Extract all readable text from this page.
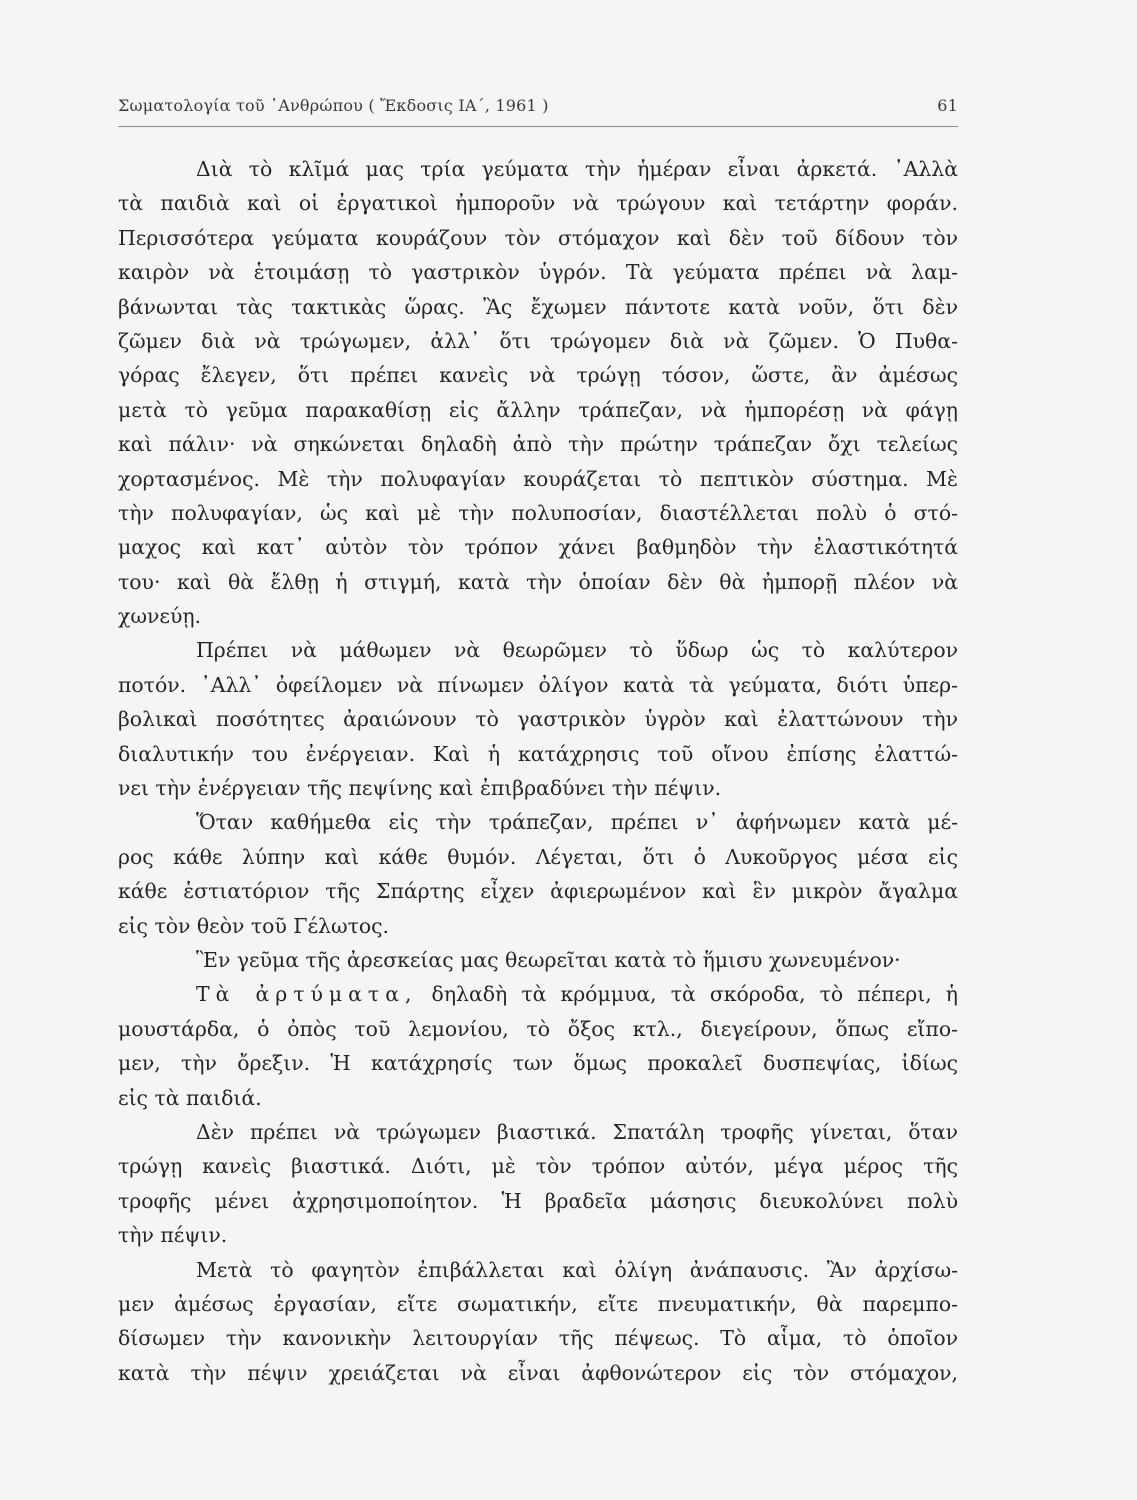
Σωματολογία τοῦ ᾿Ανθρώπου ( Ἔκδοσις ΙΑ΄, 1961 )	61
Διὰ τὸ κλῖμά μας τρία γεύματα τὴν ἡμέραν εἶναι ἀρκετά. ᾿Αλλὰ
τὰ παιδιὰ καὶ οἱ ἐργατικοὶ ἠμποροῦν νὰ τρώγουν καὶ τετάρτην φοράν.
Περισσότερα γεύματα κουράζουν τὸν στόμαχον καὶ δὲν τοῦ δίδουν τὸν
καιρὸν νὰ ἑτοιμάσῃ τὸ γαστρικὸν ὑγρόν. Τὰ γεύματα πρέπει νὰ λαμ-
βάνωνται τὰς τακτικὰς ὥρας. Ἂς ἔχωμεν πάντοτε κατὰ νοῦν, ὅτι δὲν
ζῶμεν διὰ νὰ τρώγωμεν, ἀλλ᾽ ὅτι τρώγομεν διὰ νὰ ζῶμεν. Ὁ Πυθα-
γόρας ἔλεγεν, ὅτι πρέπει κανεὶς νὰ τρώγῃ τόσον, ὥστε, ἂν ἀμέσως
μετὰ τὸ γεῦμα παρακαθίσῃ εἰς ἄλλην τράπεζαν, νὰ ἠμπορέσῃ νὰ φάγῃ
καὶ πάλιν· νὰ σηκώνεται δηλαδὴ ἀπὸ τὴν πρώτην τράπεζαν ὄχι τελείως
χορτασμένος. Μὲ τὴν πολυφαγίαν κουράζεται τὸ πεπτικὸν σύστημα. Μὲ
τὴν πολυφαγίαν, ὡς καὶ μὲ τὴν πολυποσίαν, διαστέλλεται πολὺ ὁ στό-
μαχος καὶ κατ᾽ αὐτὸν τὸν τρόπον χάνει βαθμηδὸν τὴν ἐλαστικότητά
του· καὶ θὰ ἔλθῃ ἡ στιγμή, κατὰ τὴν ὁποίαν δὲν θὰ ἠμπορῇ πλέον νὰ
χωνεύῃ.
Πρέπει νὰ μάθωμεν νὰ θεωρῶμεν τὸ ὕδωρ ὡς τὸ καλύτερον
ποτόν. ᾿Αλλ᾽ ὀφείλομεν νὰ πίνωμεν ὀλίγον κατὰ τὰ γεύματα, διότι ὑπερ-
βολικαὶ ποσότητες ἀραιώνουν τὸ γαστρικὸν ὑγρὸν καὶ ἐλαττώνουν τὴν
διαλυτικήν του ἐνέργειαν. Καὶ ἡ κατάχρησις τοῦ οἴνου ἐπίσης ἐλαττώ-
νει τὴν ἐνέργειαν τῆς πεψίνης καὶ ἐπιβραδύνει τὴν πέψιν.
Ὅταν καθήμεθα εἰς τὴν τράπεζαν, πρέπει ν᾽ ἀφήνωμεν κατὰ μέ-
ρος κάθε λύπην καὶ κάθε θυμόν. Λέγεται, ὅτι ὁ Λυκοῦργος μέσα εἰς
κάθε ἑστιατόριον τῆς Σπάρτης εἶχεν ἀφιερωμένον καὶ ἓν μικρὸν ἄγαλμα
εἰς τὸν θεὸν τοῦ Γέλωτος.
Ἓν γεῦμα τῆς ἀρεσκείας μας θεωρεῖται κατὰ τὸ ἥμισυ χωνευμένον·
Τὰ ἀρτύματα, δηλαδὴ τὰ κρόμμυα, τὰ σκόροδα, τὸ πέπερι, ἡ
μουστάρδα, ὁ ὀπὸς τοῦ λεμονίου, τὸ ὄξος κτλ., διεγείρουν, ὅπως εἴπο-
μεν, τὴν ὄρεξιν. Ἡ κατάχρησίς των ὅμως προκαλεῖ δυσπεψίας, ἰδίως
εἰς τὰ παιδιά.
Δὲν πρέπει νὰ τρώγωμεν βιαστικά. Σπατάλη τροφῆς γίνεται, ὅταν
τρώγῃ κανεὶς βιαστικά. Διότι, μὲ τὸν τρόπον αὐτόν, μέγα μέρος τῆς
τροφῆς μένει ἀχρησιμοποίητον. Ἡ βραδεῖα μάσησις διευκολύνει πολὺ
τὴν πέψιν.
Μετὰ τὸ φαγητὸν ἐπιβάλλεται καὶ ὀλίγη ἀνάπαυσις. Ἂν ἀρχίσω-
μεν ἀμέσως ἐργασίαν, εἴτε σωματικήν, εἴτε πνευματικήν, θὰ παρεμπο-
δίσωμεν τὴν κανονικὴν λειτουργίαν τῆς πέψεως. Τὸ αἷμα, τὸ ὁποῖον
κατὰ τὴν πέψιν χρειάζεται νὰ εἶναι ἀφθονώτερον εἰς τὸν στόμαχον,
